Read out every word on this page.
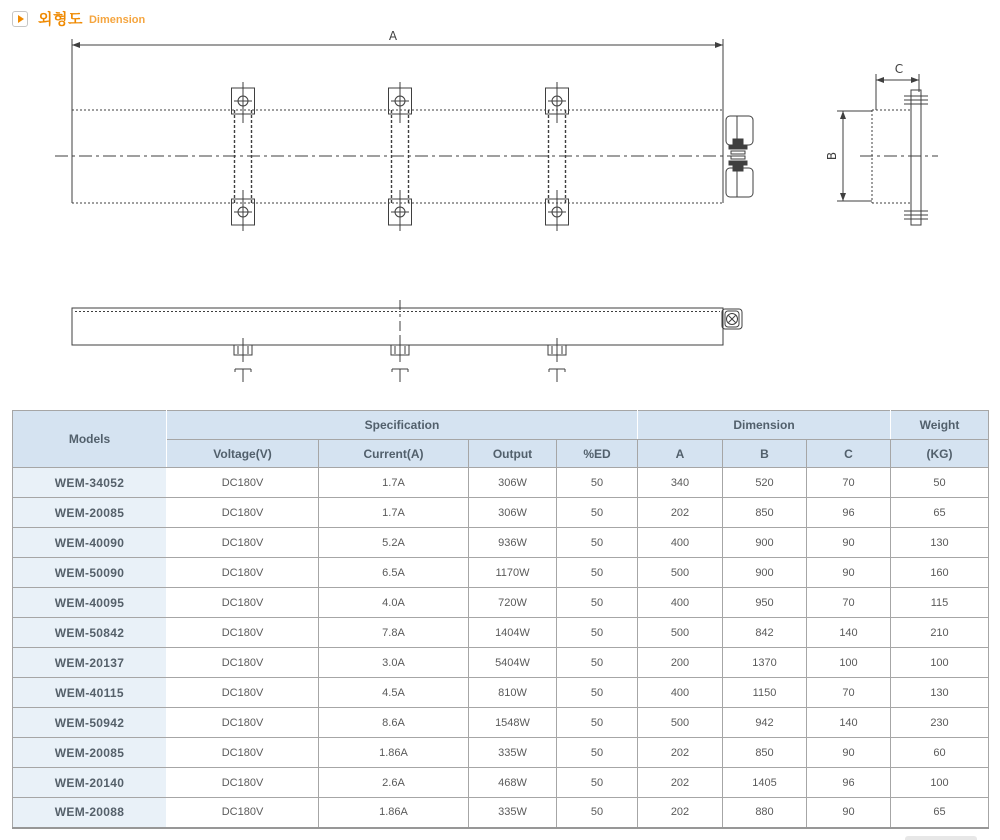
외형도 Dimension
A
C
B
Models	Specification				Dimension			Weight
	Voltage(V)	Current(A)	Output	%ED	A	B	C	(KG)
WEM-34052	DC180V	1.7A	306W	50	340	520	70	50
WEM-20085	DC180V	1.7A	306W	50	202	850	96	65
WEM-40090	DC180V	5.2A	936W	50	400	900	90	130
WEM-50090	DC180V	6.5A	1170W	50	500	900	90	160
WEM-40095	DC180V	4.0A	720W	50	400	950	70	115
WEM-50842	DC180V	7.8A	1404W	50	500	842	140	210
WEM-20137	DC180V	3.0A	5404W	50	200	1370	100	100
WEM-40115	DC180V	4.5A	810W	50	400	1150	70	130
WEM-50942	DC180V	8.6A	1548W	50	500	942	140	230
WEM-20085	DC180V	1.86A	335W	50	202	850	90	60
WEM-20140	DC180V	2.6A	468W	50	202	1405	96	100
WEM-20088	DC180V	1.86A	335W	50	202	880	90	65
